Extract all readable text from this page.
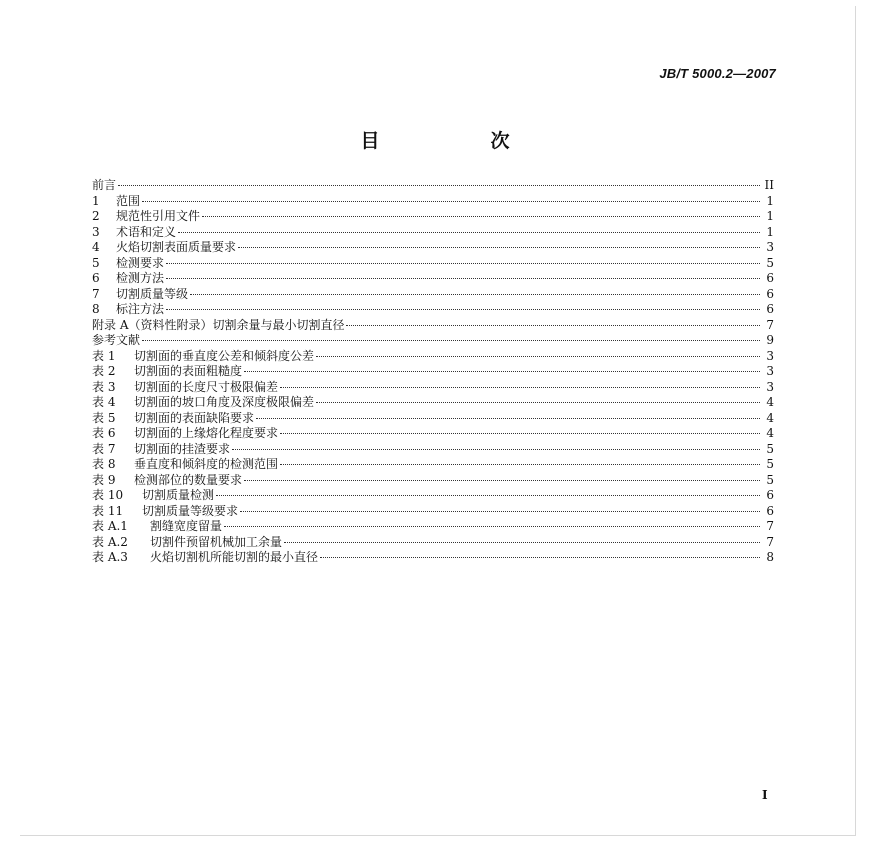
JB/T 5000.2—2007
目　次
前言	II
1	范围	1
2	规范性引用文件	1
3	术语和定义	1
4	火焰切割表面质量要求	3
5	检测要求	5
6	检测方法	6
7	切割质量等级	6
8	标注方法	6
附录 A（资料性附录）切割余量与最小切割直径	7
参考文献	9
表 1	切割面的垂直度公差和倾斜度公差	3
表 2	切割面的表面粗糙度	3
表 3	切割面的长度尺寸极限偏差	3
表 4	切割面的坡口角度及深度极限偏差	4
表 5	切割面的表面缺陷要求	4
表 6	切割面的上缘熔化程度要求	4
表 7	切割面的挂渣要求	5
表 8	垂直度和倾斜度的检测范围	5
表 9	检测部位的数量要求	5
表 10	切割质量检测	6
表 11	切割质量等级要求	6
表 A.1	割缝宽度留量	7
表 A.2	切割件预留机械加工余量	7
表 A.3	火焰切割机所能切割的最小直径	8
I
